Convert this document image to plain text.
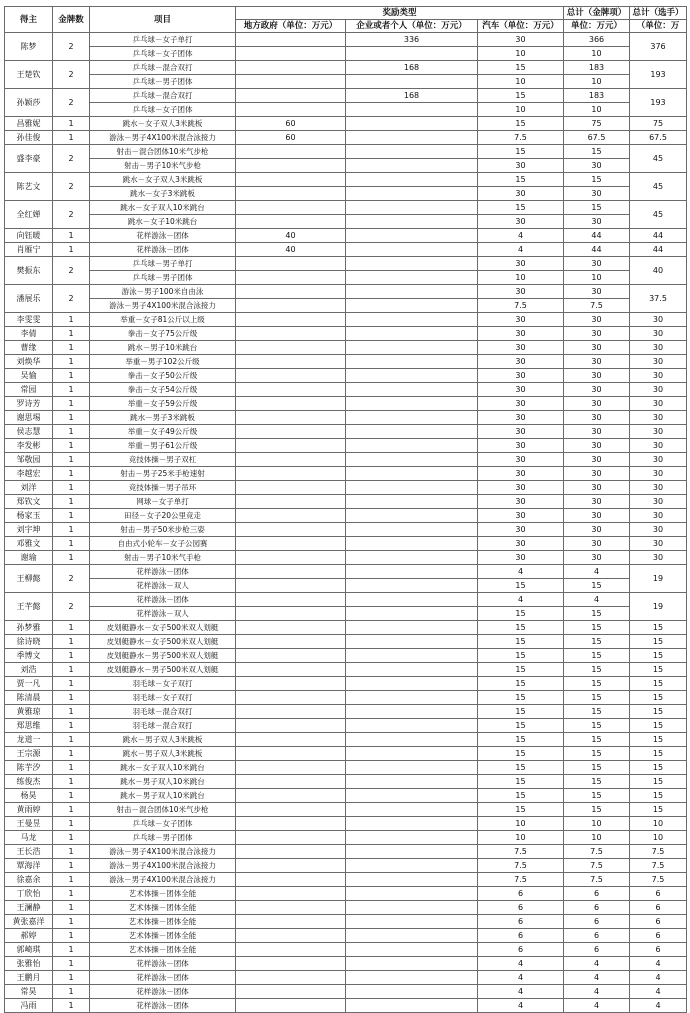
得主	金牌数	项目	奖励类型			总计（金牌项）	总计（选手）
			地方政府（单位：万元）	企业或者个人（单位：万元）	汽车（单位：万元）	单位：万元）	（单位：万
陈梦	2	乒乓球－女子单打		336	30	366	376
		乒乓球－女子团体			10	10	
王楚钦	2	乒乓球－混合双打		168	15	183	193
		乒乓球－男子团体			10	10	
孙颖莎	2	乒乓球－混合双打		168	15	183	193
		乒乓球－女子团体			10	10	
昌雅妮	1	跳水－女子双人3米跳板	60		15	75	75
孙佳俊	1	游泳－男子4X100米混合泳接力	60		7.5	67.5	67.5
盛李豪	2	射击－混合团体10米气步枪			15	15	45
		射击－男子10米气步枪			30	30	
陈艺文	2	跳水－女子双人3米跳板			15	15	45
		跳水－女子3米跳板			30	30	
全红婵	2	跳水－女子双人10米跳台			15	15	45
		跳水－女子10米跳台			30	30	
向钰暖	1	花样游泳－团体	40		4	44	44
肖雁宁	1	花样游泳－团体	40		4	44	44
樊振东	2	乒乓球－男子单打			30	30	40
		乒乓球－男子团体			10	10	
潘展乐	2	游泳－男子100米自由泳			30	30	37.5
		游泳－男子4X100米混合泳接力			7.5	7.5	
李雯雯	1	举重－女子81公斤以上级			30	30	30
李倩	1	拳击－女子75公斤级			30	30	30
曹缘	1	跳水－男子10米跳台			30	30	30
刘焕华	1	举重－男子102公斤级			30	30	30
吴愉	1	拳击－女子50公斤级			30	30	30
常园	1	拳击－女子54公斤级			30	30	30
罗诗芳	1	举重－女子59公斤级			30	30	30
谢思埸	1	跳水－男子3米跳板			30	30	30
侯志慧	1	举重－女子49公斤级			30	30	30
李发彬	1	举重－男子61公斤级			30	30	30
邹敬园	1	竞技体操－男子双杠			30	30	30
李越宏	1	射击－男子25米手枪速射			30	30	30
刘洋	1	竞技体操－男子吊环			30	30	30
郑钦文	1	网球－女子单打			30	30	30
杨家玉	1	田径－女子20公里竞走			30	30	30
刘宇坤	1	射击－男子50米步枪三姿			30	30	30
邓雅文	1	自由式小轮车－女子公园赛			30	30	30
谢瑜	1	射击－男子10米气手枪			30	30	30
王柳懿	2	花样游泳－团体			4	4	19
		花样游泳－双人			15	15	
王芊懿	2	花样游泳－团体			4	4	19
		花样游泳－双人			15	15	
孙梦雅	1	皮划艇静水－女子500米双人划艇			15	15	15
徐诗晓	1	皮划艇静水－女子500米双人划艇			15	15	15
季博文	1	皮划艇静水－男子500米双人划艇			15	15	15
刘浩	1	皮划艇静水－男子500米双人划艇			15	15	15
贾一凡	1	羽毛球－女子双打			15	15	15
陈清晨	1	羽毛球－女子双打			15	15	15
黄雅琼	1	羽毛球－混合双打			15	15	15
郑思维	1	羽毛球－混合双打			15	15	15
龙道一	1	跳水－男子双人3米跳板			15	15	15
王宗源	1	跳水－男子双人3米跳板			15	15	15
陈芋汐	1	跳水－女子双人10米跳台			15	15	15
练俊杰	1	跳水－男子双人10米跳台			15	15	15
杨昊	1	跳水－男子双人10米跳台			15	15	15
黄雨婷	1	射击－混合团体10米气步枪			15	15	15
王曼昱	1	乒乓球－女子团体			10	10	10
马龙	1	乒乓球－男子团体			10	10	10
王长浩	1	游泳－男子4X100米混合泳接力			7.5	7.5	7.5
覃海洋	1	游泳－男子4X100米混合泳接力			7.5	7.5	7.5
徐嘉余	1	游泳－男子4X100米混合泳接力			7.5	7.5	7.5
丁欣怡	1	艺术体操－团体全能			6	6	6
王澜静	1	艺术体操－团体全能			6	6	6
黄张嘉洋	1	艺术体操－团体全能			6	6	6
郝婷	1	艺术体操－团体全能			6	6	6
郭崎琪	1	艺术体操－团体全能			6	6	6
张雅怡	1	花样游泳－团体			4	4	4
王鹏月	1	花样游泳－团体			4	4	4
常昊	1	花样游泳－团体			4	4	4
冯雨	1	花样游泳－团体			4	4	4
